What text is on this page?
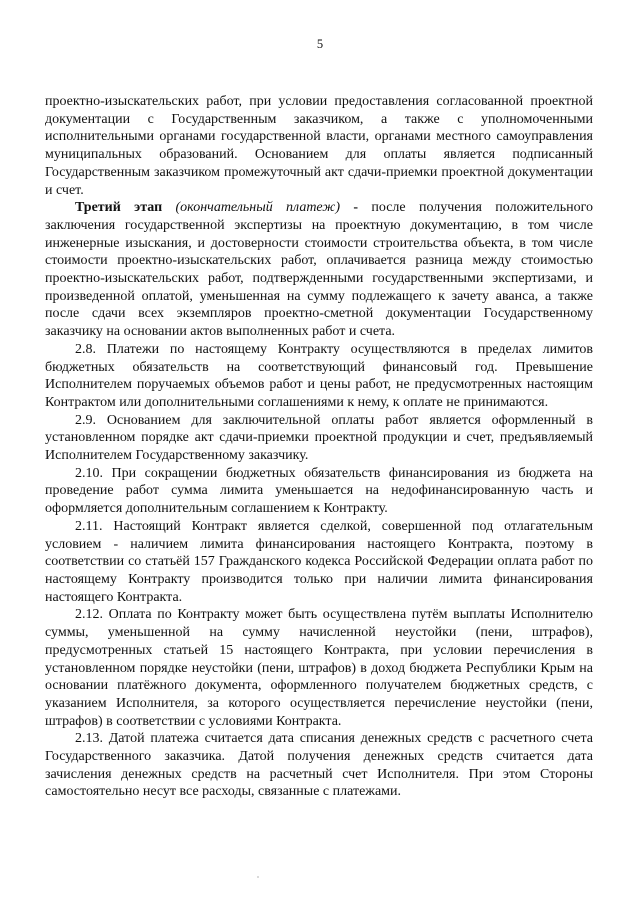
5

проектно-изыскательских работ, при условии предоставления согласованной проектной документации с Государственным заказчиком, а также с уполномоченными исполнительными органами государственной власти, органами местного самоуправления муниципальных образований. Основанием для оплаты является подписанный Государственным заказчиком промежуточный акт сдачи-приемки проектной документации и счет.

Третий этап (окончательный платеж) - после получения положительного заключения государственной экспертизы на проектную документацию, в том числе инженерные изыскания, и достоверности стоимости строительства объекта, в том числе стоимости проектно-изыскательских работ, оплачивается разница между стоимостью проектно-изыскательских работ, подтвержденными государственными экспертизами, и произведенной оплатой, уменьшенная на сумму подлежащего к зачету аванса, а также после сдачи всех экземпляров проектно-сметной документации Государственному заказчику на основании актов выполненных работ и счета.

2.8. Платежи по настоящему Контракту осуществляются в пределах лимитов бюджетных обязательств на соответствующий финансовый год. Превышение Исполнителем поручаемых объемов работ и цены работ, не предусмотренных настоящим Контрактом или дополнительными соглашениями к нему, к оплате не принимаются.

2.9. Основанием для заключительной оплаты работ является оформленный в установленном порядке акт сдачи-приемки проектной продукции и счет, предъявляемый Исполнителем Государственному заказчику.

2.10. При сокращении бюджетных обязательств финансирования из бюджета на проведение работ сумма лимита уменьшается на недофинансированную часть и оформляется дополнительным соглашением к Контракту.

2.11. Настоящий Контракт является сделкой, совершенной под отлагательным условием - наличием лимита финансирования настоящего Контракта, поэтому в соответствии со статьёй 157 Гражданского кодекса Российской Федерации оплата работ по настоящему Контракту производится только при наличии лимита финансирования настоящего Контракта.

2.12. Оплата по Контракту может быть осуществлена путём выплаты Исполнителю суммы, уменьшенной на сумму начисленной неустойки (пени, штрафов), предусмотренных статьей 15 настоящего Контракта, при условии перечисления в установленном порядке неустойки (пени, штрафов) в доход бюджета Республики Крым на основании платёжного документа, оформленного получателем бюджетных средств, с указанием Исполнителя, за которого осуществляется перечисление неустойки (пени, штрафов) в соответствии с условиями Контракта.

2.13. Датой платежа считается дата списания денежных средств с расчетного счета Государственного заказчика. Датой получения денежных средств считается дата зачисления денежных средств на расчетный счет Исполнителя. При этом Стороны самостоятельно несут все расходы, связанные с платежами.
